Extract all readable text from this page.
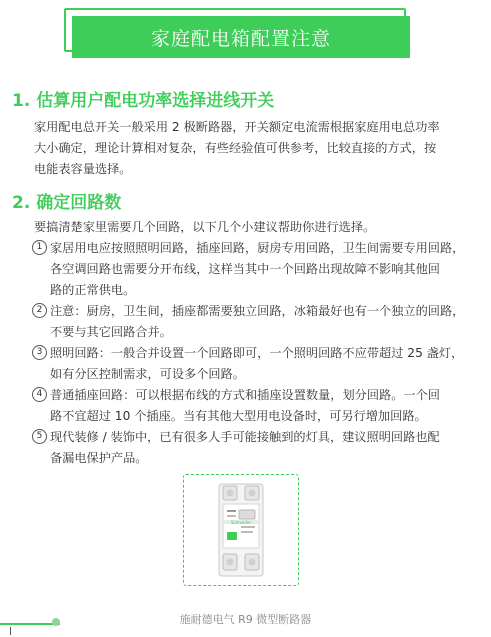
家庭配电箱配置注意
1. 估算用户配电功率选择进线开关

家用配电总开关一般采用 2 极断路器，开关额定电流需根据家庭用电总功率
大小确定，理论计算相对复杂，有些经验值可供参考，比较直接的方式，按
电能表容量选择。

2. 确定回路数

要搞清楚家里需要几个回路，以下几个小建议帮助你进行选择。

1 家居用电应按照照明回路，插座回路，厨房专用回路，卫生间需要专用回路，
各空调回路也需要分开布线，这样当其中一个回路出现故障不影响其他回
路的正常供电。
2 注意：厨房，卫生间，插座都需要独立回路，冰箱最好也有一个独立的回路，
不要与其它回路合并。
3 照明回路：一般合并设置一个回路即可，一个照明回路不应带超过 25 盏灯，
如有分区控制需求，可设多个回路。
4 普通插座回路：可以根据布线的方式和插座设置数量，划分回路。一个回
路不宜超过 10 个插座。当有其他大型用电设备时，可另行增加回路。
5 现代装修 / 装饰中，已有很多人手可能接触到的灯具，建议照明回路也配
备漏电保护产品。
Schneider
施耐德电气 R9 微型断路器
